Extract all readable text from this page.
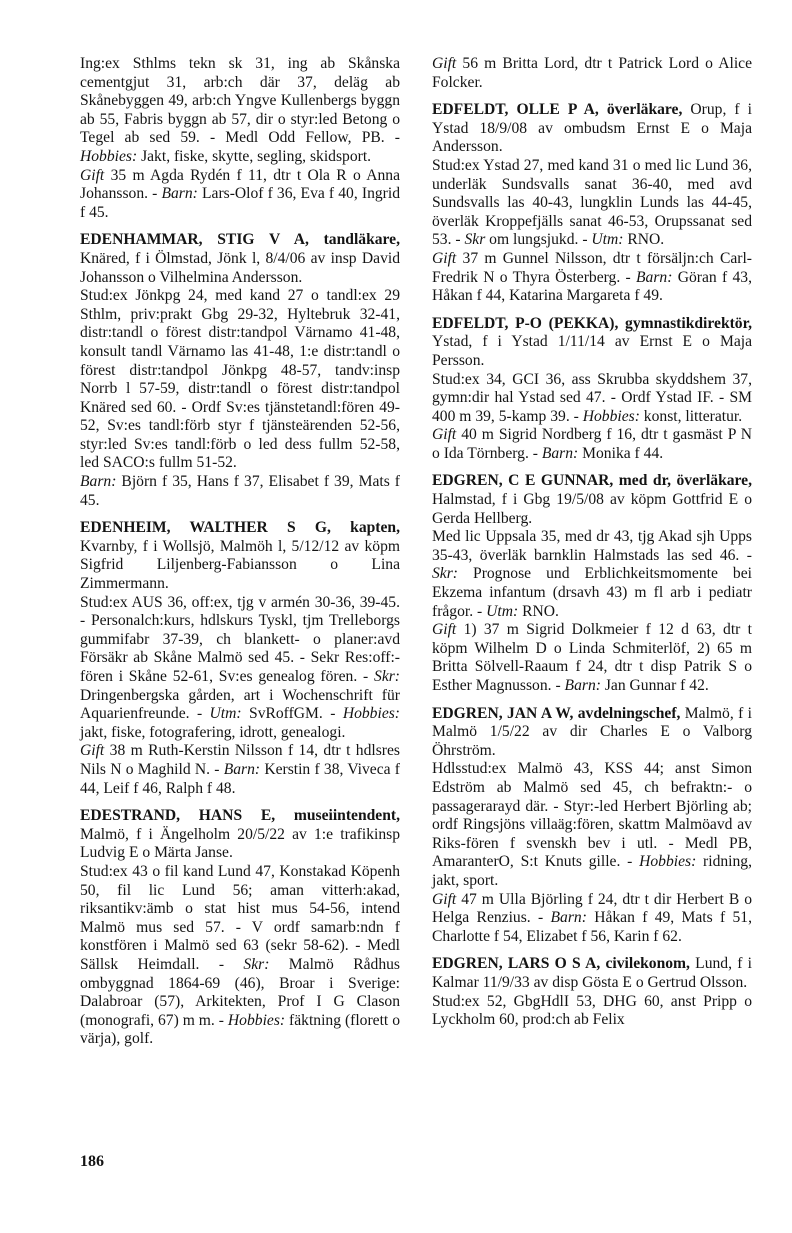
Ing:ex Sthlms tekn sk 31, ing ab Skånska cementgjut 31, arb:ch där 37, deläg ab Skånebyggen 49, arb:ch Yngve Kullenbergs byggn ab 55, Fabris byggn ab 57, dir o styr:led Betong o Tegel ab sed 59. - Medl Odd Fellow, PB. - Hobbies: Jakt, fiske, skytte, segling, skidsport.

Gift 35 m Agda Rydén f 11, dtr t Ola R o Anna Johansson. - Barn: Lars-Olof f 36, Eva f 40, Ingrid f 45.

EDENHAMMAR, STIG V A, tandläkare, Knäred, f i Ölmstad, Jönk l, 8/4/06 av insp David Johansson o Vilhelmina Andersson.

Stud:ex Jönkpg 24, med kand 27 o tandl:ex 29 Sthlm, priv:prakt Gbg 29-32, Hyltebruk 32-41, distr:tandl o förest distr:tandpol Värnamo 41-48, konsult tandl Värnamo las 41-48, 1:e distr:tandl o förest distr:tandpol Jönkpg 48-57, tandv:insp Norrb l 57-59, distr:tandl o förest distr:tandpol Knäred sed 60. - Ordf Sv:es tjänstetandl:fören 49-52, Sv:es tandl:förb styr f tjänsteärenden 52-56, styr:led Sv:es tandl:förb o led dess fullm 52-58, led SACO:s fullm 51-52.

Barn: Björn f 35, Hans f 37, Elisabet f 39, Mats f 45.

EDENHEIM, WALTHER S G, kapten, Kvarnby, f i Wollsjö, Malmöh l, 5/12/12 av köpm Sigfrid Liljenberg-Fabiansson o Lina Zimmermann.

Stud:ex AUS 36, off:ex, tjg v armén 30-36, 39-45. - Personalch:kurs, hdlskurs Tyskl, tjm Trelleborgs gummifabr 37-39, ch blankett- o planer:avd Försäkr ab Skåne Malmö sed 45. - Sekr Res:off:-fören i Skåne 52-61, Sv:es genealog fören. - Skr: Dringenbergska gården, art i Wochenschrift für Aquarienfreunde. - Utm: SvRoffGM. - Hobbies: jakt, fiske, fotografering, idrott, genealogi.

Gift 38 m Ruth-Kerstin Nilsson f 14, dtr t hdlsres Nils N o Maghild N. - Barn: Kerstin f 38, Viveca f 44, Leif f 46, Ralph f 48.

EDESTRAND, HANS E, museiintendent, Malmö, f i Ängelholm 20/5/22 av 1:e trafikinsp Ludvig E o Märta Janse.

Stud:ex 43 o fil kand Lund 47, Konstakad Köpenh 50, fil lic Lund 56; aman vitterh:akad, riksantikv:ämb o stat hist mus 54-56, intend Malmö mus sed 57. - V ordf samarb:ndn f konstfören i Malmö sed 63 (sekr 58-62). - Medl Sällsk Heimdall. - Skr: Malmö Rådhus ombyggnad 1864-69 (46), Broar i Sverige: Dalabroar (57), Arkitekten, Prof I G Clason (monografi, 67) m m. - Hobbies: fäktning (florett o värja), golf.

Gift 56 m Britta Lord, dtr t Patrick Lord o Alice Folcker.

EDFELDT, OLLE P A, överläkare, Orup, f i Ystad 18/9/08 av ombudsm Ernst E o Maja Andersson.

Stud:ex Ystad 27, med kand 31 o med lic Lund 36, underläk Sundsvalls sanat 36-40, med avd Sundsvalls las 40-43, lungklin Lunds las 44-45, överläk Kroppefjälls sanat 46-53, Orupssanat sed 53. - Skr om lungsjukd. - Utm: RNO.

Gift 37 m Gunnel Nilsson, dtr t försäljn:ch Carl-Fredrik N o Thyra Österberg. - Barn: Göran f 43, Håkan f 44, Katarina Margareta f 49.

EDFELDT, P-O (PEKKA), gymnastikdirektör, Ystad, f i Ystad 1/11/14 av Ernst E o Maja Persson.

Stud:ex 34, GCI 36, ass Skrubba skyddshem 37, gymn:dir hal Ystad sed 47. - Ordf Ystad IF. - SM 400 m 39, 5-kamp 39. - Hobbies: konst, litteratur.

Gift 40 m Sigrid Nordberg f 16, dtr t gasmäst P N o Ida Törnberg. - Barn: Monika f 44.

EDGREN, C E GUNNAR, med dr, överläkare, Halmstad, f i Gbg 19/5/08 av köpm Gottfrid E o Gerda Hellberg.

Med lic Uppsala 35, med dr 43, tjg Akad sjh Upps 35-43, överläk barnklin Halmstads las sed 46. - Skr: Prognose und Erblichkeitsmomente bei Ekzema infantum (drsavh 43) m fl arb i pediatr frågor. - Utm: RNO.

Gift 1) 37 m Sigrid Dolkmeier f 12 d 63, dtr t köpm Wilhelm D o Linda Schmiterlöf, 2) 65 m Britta Sölvell-Raaum f 24, dtr t disp Patrik S o Esther Magnusson. - Barn: Jan Gunnar f 42.

EDGREN, JAN A W, avdelningschef, Malmö, f i Malmö 1/5/22 av dir Charles E o Valborg Öhrström.

Hdlsstud:ex Malmö 43, KSS 44; anst Simon Edström ab Malmö sed 45, ch befraktn:- o passagerarayd där. - Styr:-led Herbert Björling ab; ordf Ringsjöns villaäg:fören, skattm Malmöavd av Riks-fören f svenskh bev i utl. - Medl PB, AmaranterO, S:t Knuts gille. - Hobbies: ridning, jakt, sport.

Gift 47 m Ulla Björling f 24, dtr t dir Herbert B o Helga Renzius. - Barn: Håkan f 49, Mats f 51, Charlotte f 54, Elizabet f 56, Karin f 62.

EDGREN, LARS O S A, civilekonom, Lund, f i Kalmar 11/9/33 av disp Gösta E o Gertrud Olsson.

Stud:ex 52, GbgHdlI 53, DHG 60, anst Pripp o Lyckholm 60, prod:ch ab Felix

186
